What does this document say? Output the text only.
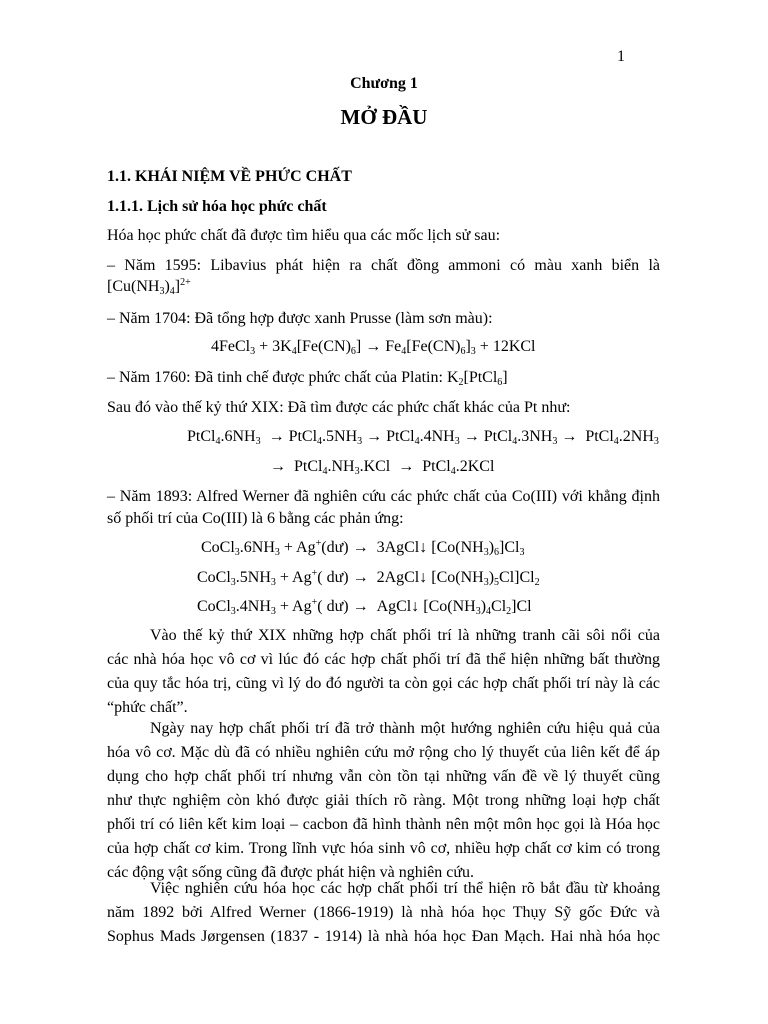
1
Chương 1
MỞ ĐẦU
1.1. KHÁI NIỆM VỀ PHỨC CHẤT
1.1.1. Lịch sử hóa học phức chất
Hóa học phức chất đã được tìm hiểu qua các mốc lịch sử sau:
– Năm 1595: Libavius phát hiện ra chất đồng ammoni có màu xanh biển là
$[Cu(NH_3)_4]^{2+}$
– Năm 1704: Đã tổng hợp được xanh Prusse (làm sơn màu):
4FeCl$_3$ + $3K_4[Fe(CN)_6] \to Fe_4[Fe(CN)_6]_3 + 12KCl$
– Năm 1760: Đã tinh chế được phức chất của Platin: $K_2[PtCl_6]$
Sau đó vào thế kỷ thứ XIX: Đã tìm được các phức chất khác của Pt như:
$PtCl_4.6NH_3$  → $PtCl_4.5NH_3$ → $PtCl_4.4NH_3$ → $PtCl_4.3NH_3$ →  $PtCl_4.2NH_3$
→  $PtCl_4.NH_3.KCl$  →  PtCl$_4$.2KCl
– Năm 1893: Alfred Werner đã nghiên cứu các phức chất của Co(III) với khẳng định
số phối trí của Co(III) là 6 bằng các phản ứng:
$CoCl_3.6NH_3$ + Ag+(dư) →  3AgCl↓ $[Co(NH_3)_6]Cl_3$
$CoCl_3.5NH_3 + Ag^+$( dư) →  2AgCl↓ $[Co(NH_3)_5Cl]Cl_2$
$CoCl_3.4NH_3 + Ag^+$( dư) →  AgCl↓ $[Co(NH_3)_4Cl_2]Cl$
Vào thế kỷ thứ XIX những hợp chất phối trí là những tranh cãi sôi nổi của
các nhà hóa học vô cơ vì lúc đó các hợp chất phối trí đã thể hiện những bất thường
của quy tắc hóa trị, cũng vì lý do đó người ta còn gọi các hợp chất phối trí này là các
“phức chất”.
Ngày nay hợp chất phối trí đã trở thành một hướng nghiên cứu hiệu quả của
hóa vô cơ. Mặc dù đã có nhiều nghiên cứu mở rộng cho lý thuyết của liên kết để áp
dụng cho hợp chất phối trí nhưng vẫn còn tồn tại những vấn đề về lý thuyết cũng
như thực nghiệm còn khó được giải thích rõ ràng. Một trong những loại hợp chất
phối trí có liên kết kim loại – cacbon đã hình thành nên một môn học gọi là Hóa học
của hợp chất cơ kim. Trong lĩnh vực hóa sinh vô cơ, nhiều hợp chất cơ kim có trong
các động vật sống cũng đã được phát hiện và nghiên cứu.
Việc nghiên cứu hóa học các hợp chất phối trí thể hiện rõ bắt đầu từ khoảng
năm 1892 bởi Alfred Werner (1866-1919) là nhà hóa học Thụy Sỹ gốc Đức và
Sophus Mads Jørgensen (1837 - 1914) là nhà hóa học Đan Mạch. Hai nhà hóa học
